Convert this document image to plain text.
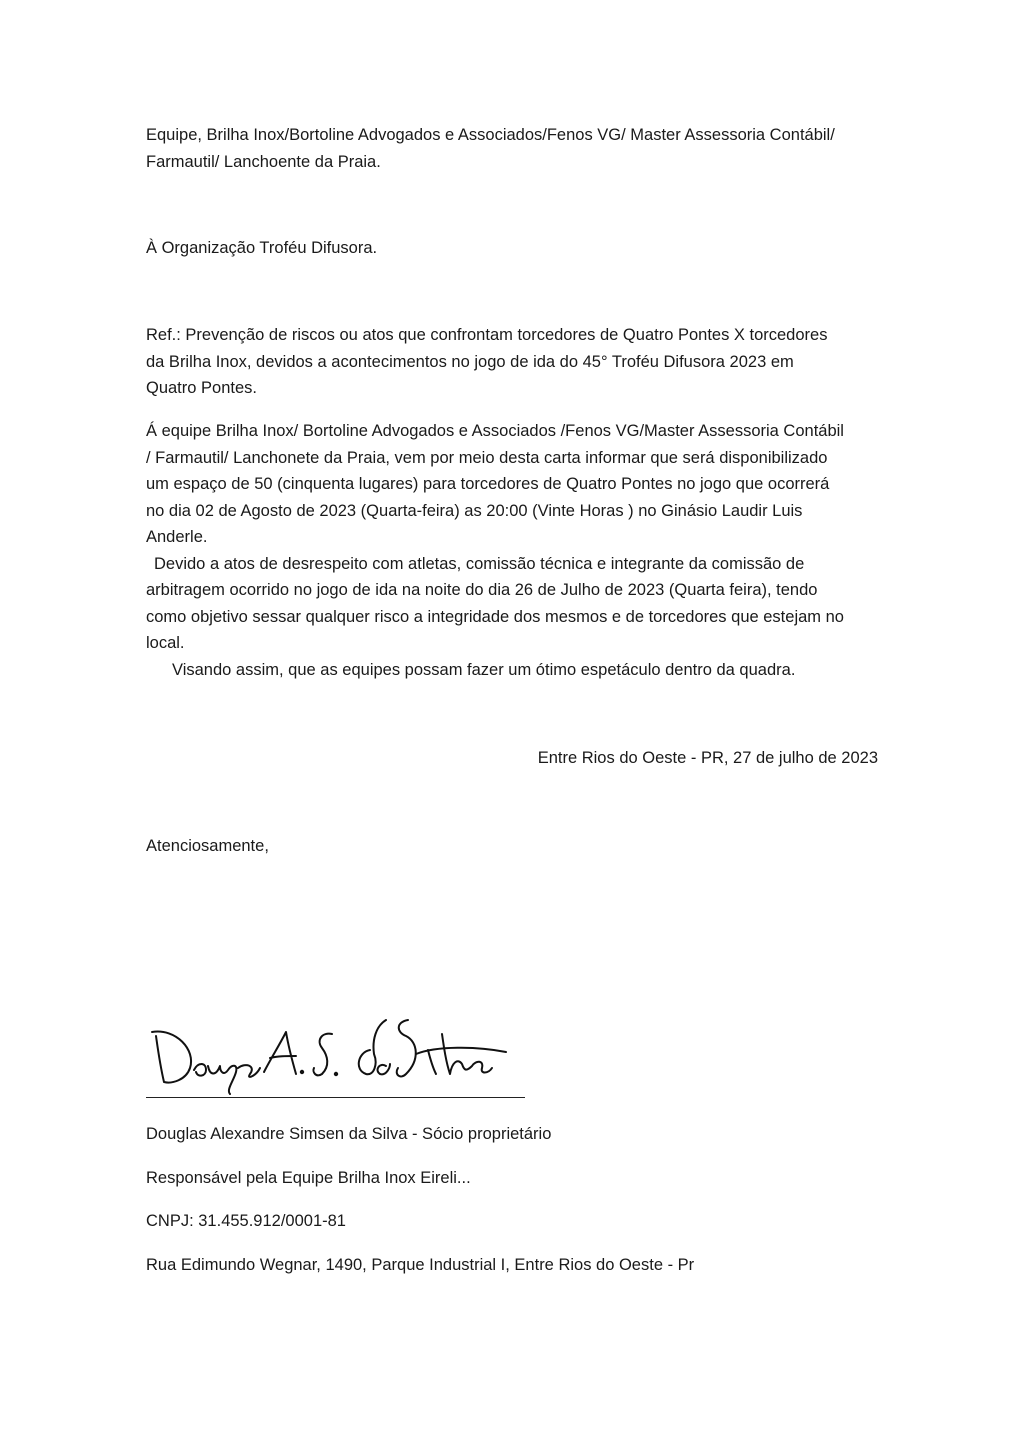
Equipe, Brilha Inox/Bortoline Advogados e Associados/Fenos VG/ Master Assessoria Contábil/
Farmautil/ Lanchoente da Praia.
À Organização Troféu Difusora.
Ref.: Prevenção de riscos ou atos que confrontam torcedores de Quatro Pontes X torcedores
da Brilha Inox, devidos a acontecimentos no jogo de ida do 45° Troféu Difusora 2023 em
Quatro Pontes.
Á equipe Brilha Inox/ Bortoline Advogados e Associados /Fenos VG/Master Assessoria Contábil
/ Farmautil/ Lanchonete da Praia, vem por meio desta carta informar que será disponibilizado
um espaço de 50 (cinquenta lugares) para torcedores de Quatro Pontes no jogo que ocorrerá
no dia 02 de Agosto de 2023 (Quarta-feira) as 20:00 (Vinte Horas ) no Ginásio Laudir Luis
Anderle.
Devido a atos de desrespeito com atletas, comissão técnica e integrante da comissão de
arbitragem ocorrido no jogo de ida na noite do dia 26 de Julho de 2023 (Quarta feira), tendo
como objetivo sessar qualquer risco a integridade dos mesmos e de torcedores que estejam no
local.
Visando assim, que as equipes possam fazer um ótimo espetáculo dentro da quadra.
Entre Rios do Oeste - PR, 27 de julho de 2023
Atenciosamente,
Douglas Alexandre Simsen da Silva - Sócio proprietário
Responsável pela Equipe Brilha Inox Eireli...
CNPJ: 31.455.912/0001-81
Rua Edimundo Wegnar, 1490, Parque Industrial I, Entre Rios do Oeste - Pr
